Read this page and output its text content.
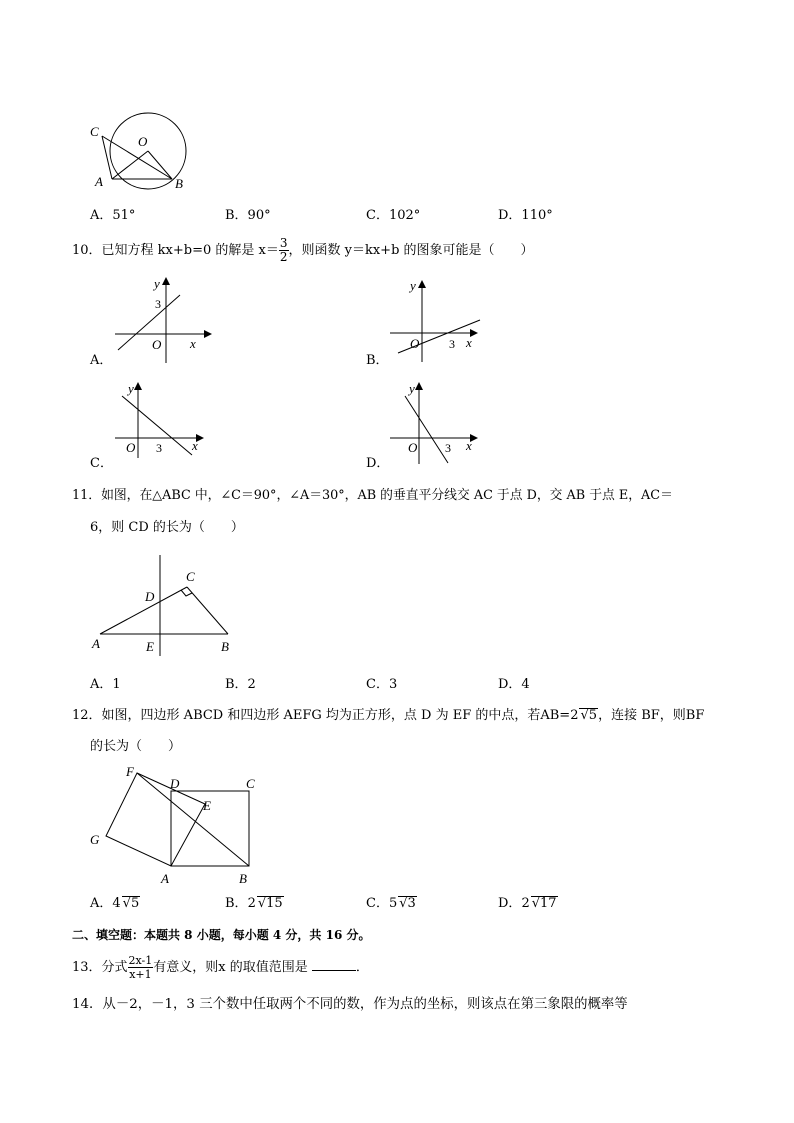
C
O
A	B
A．51°	B．90°	C．102°	D．110°
10．已知方程 kx+b=0 的解是 $x= \frac{3}{2}$ ，则函数 y＝kx+b 的图象可能是（　　）
y
3
O x
A．
y
O 3 x
B．
y
O 3 x
C．
y
O 3 x
D．
11．如图，在△ABC 中，∠C＝90°，∠A＝30°，AB 的垂直平分线交 AC 于点 D，交 AB 于点 E，AC＝
6，则 CD 的长为（　　）
C
D
A	E	B
A．1	B．2	C．3	D．4
12．如图，四边形 ABCD 和四边形 AEFG 均为正方形，点 D 为 EF 的中点，若AB=2 √5，连接 BF，则BF
的长为（　　）
F
D	C
E
G
A	B
A．4 √5	B．2 √15	C．5 √3	D．2 √17
二、填空题：本题共 8 小题，每小题 4 分，共 16 分。
13．分式 $\frac{2x-1}{x+1}$ 有意义，则x 的取值范围是	．
14．从－2，－1，3 三个数中任取两个不同的数，作为点的坐标，则该点在第三象限的概率等
